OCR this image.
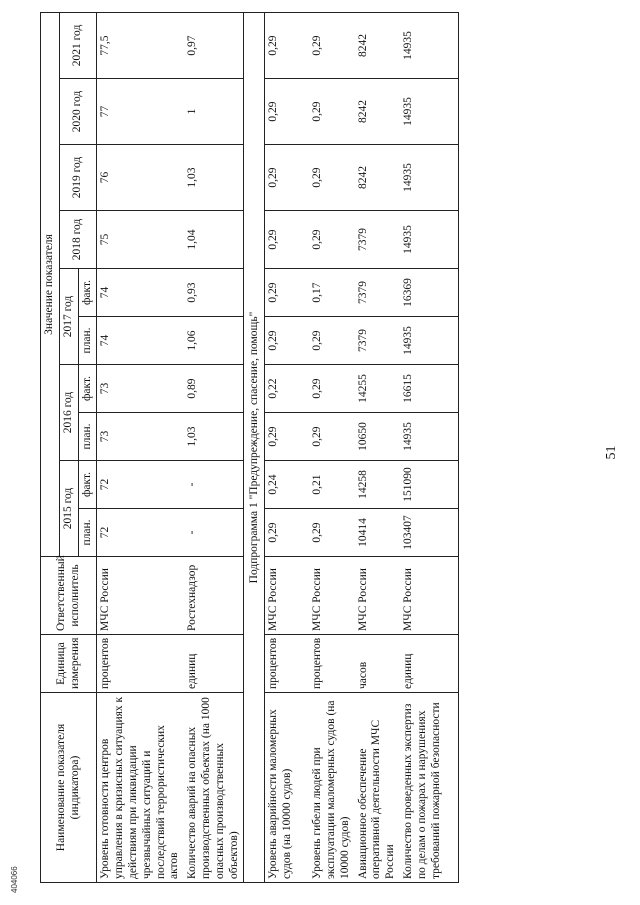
404066
51
Наименование показателя (индикатора)	Единица измерения	Ответственный исполнитель	Значение показателя									
			2015 год		2016 год		2017 год		2018 год	2019 год	2020 год	2021 год
			план.	факт.	план.	факт.	план.	факт.				
Уровень готовности центров управления в кризисных ситуациях к действиям при ликвидации чрезвычайных ситуаций и последствий террористических актов	процентов	МЧС России	72	72	73	73	74	74	75	76	77	77,5
Количество аварий на опасных производственных объектах (на 1000 опасных производственных объектов)	единиц	Ростехнадзор	-	-	1,03	0,89	1,06	0,93	1,04	1,03	1	0,97
Подпрограмма 1 "Предупреждение, спасение, помощь"												
Уровень аварийности маломерных судов (на 10000 судов)	процентов	МЧС России	0,29	0,24	0,29	0,22	0,29	0,29	0,29	0,29	0,29	0,29
Уровень гибели людей при эксплуатации маломерных судов (на 10000 судов)	процентов	МЧС России	0,29	0,21	0,29	0,29	0,29	0,17	0,29	0,29	0,29	0,29
Авиационное обеспечение оперативной деятельности МЧС России	часов	МЧС России	10414	14258	10650	14255	7379	7379	7379	8242	8242	8242
Количество проведенных экспертиз по делам о пожарах и нарушениях требований пожарной безопасности	единиц	МЧС России	103407	151090	14935	16615	14935	16369	14935	14935	14935	14935
